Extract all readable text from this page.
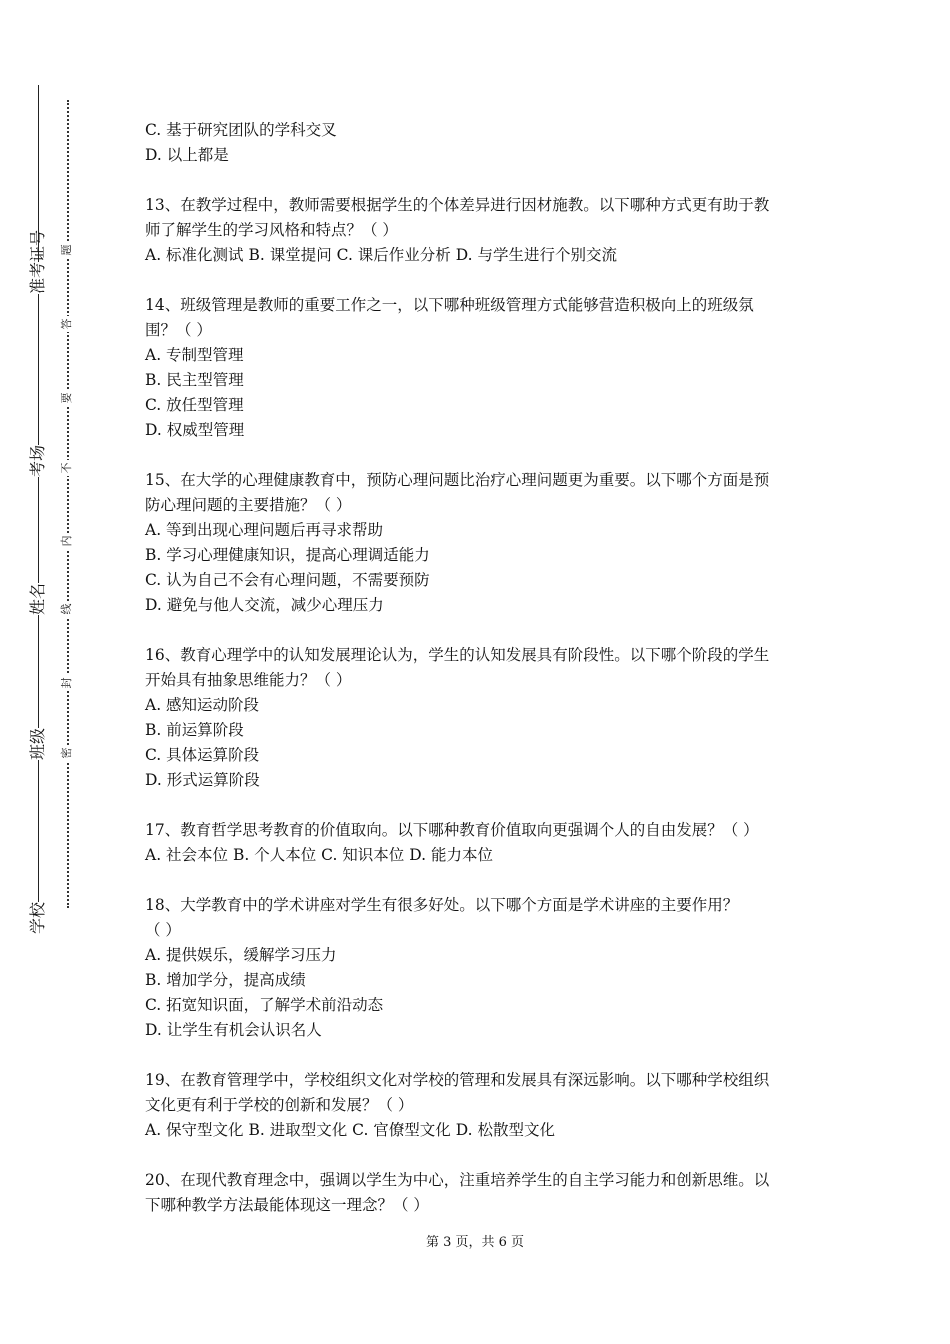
准考证号
考场
姓名
班级
学校
题
答
要
不
内
线
封
密

C. 基于研究团队的学科交叉

D. 以上都是

13、在教学过程中，教师需要根据学生的个体差异进行因材施教。以下哪种方式更有助于教

师了解学生的学习风格和特点？（ ）

A. 标准化测试 B. 课堂提问 C. 课后作业分析 D. 与学生进行个别交流

14、班级管理是教师的重要工作之一，以下哪种班级管理方式能够营造积极向上的班级氛

围？（ ）

A. 专制型管理

B. 民主型管理

C. 放任型管理

D. 权威型管理

15、在大学的心理健康教育中，预防心理问题比治疗心理问题更为重要。以下哪个方面是预

防心理问题的主要措施？（ ）

A. 等到出现心理问题后再寻求帮助

B. 学习心理健康知识，提高心理调适能力

C. 认为自己不会有心理问题，不需要预防

D. 避免与他人交流，减少心理压力

16、教育心理学中的认知发展理论认为，学生的认知发展具有阶段性。以下哪个阶段的学生

开始具有抽象思维能力？（ ）

A. 感知运动阶段

B. 前运算阶段

C. 具体运算阶段

D. 形式运算阶段

17、教育哲学思考教育的价值取向。以下哪种教育价值取向更强调个人的自由发展？（ ）

A. 社会本位 B. 个人本位 C. 知识本位 D. 能力本位

18、大学教育中的学术讲座对学生有很多好处。以下哪个方面是学术讲座的主要作用？

（ ）

A. 提供娱乐，缓解学习压力

B. 增加学分，提高成绩

C. 拓宽知识面，了解学术前沿动态

D. 让学生有机会认识名人

19、在教育管理学中，学校组织文化对学校的管理和发展具有深远影响。以下哪种学校组织

文化更有利于学校的创新和发展？（ ）

A. 保守型文化 B. 进取型文化 C. 官僚型文化 D. 松散型文化

20、在现代教育理念中，强调以学生为中心，注重培养学生的自主学习能力和创新思维。以

下哪种教学方法最能体现这一理念？（ ）

第 3 页，共 6 页
